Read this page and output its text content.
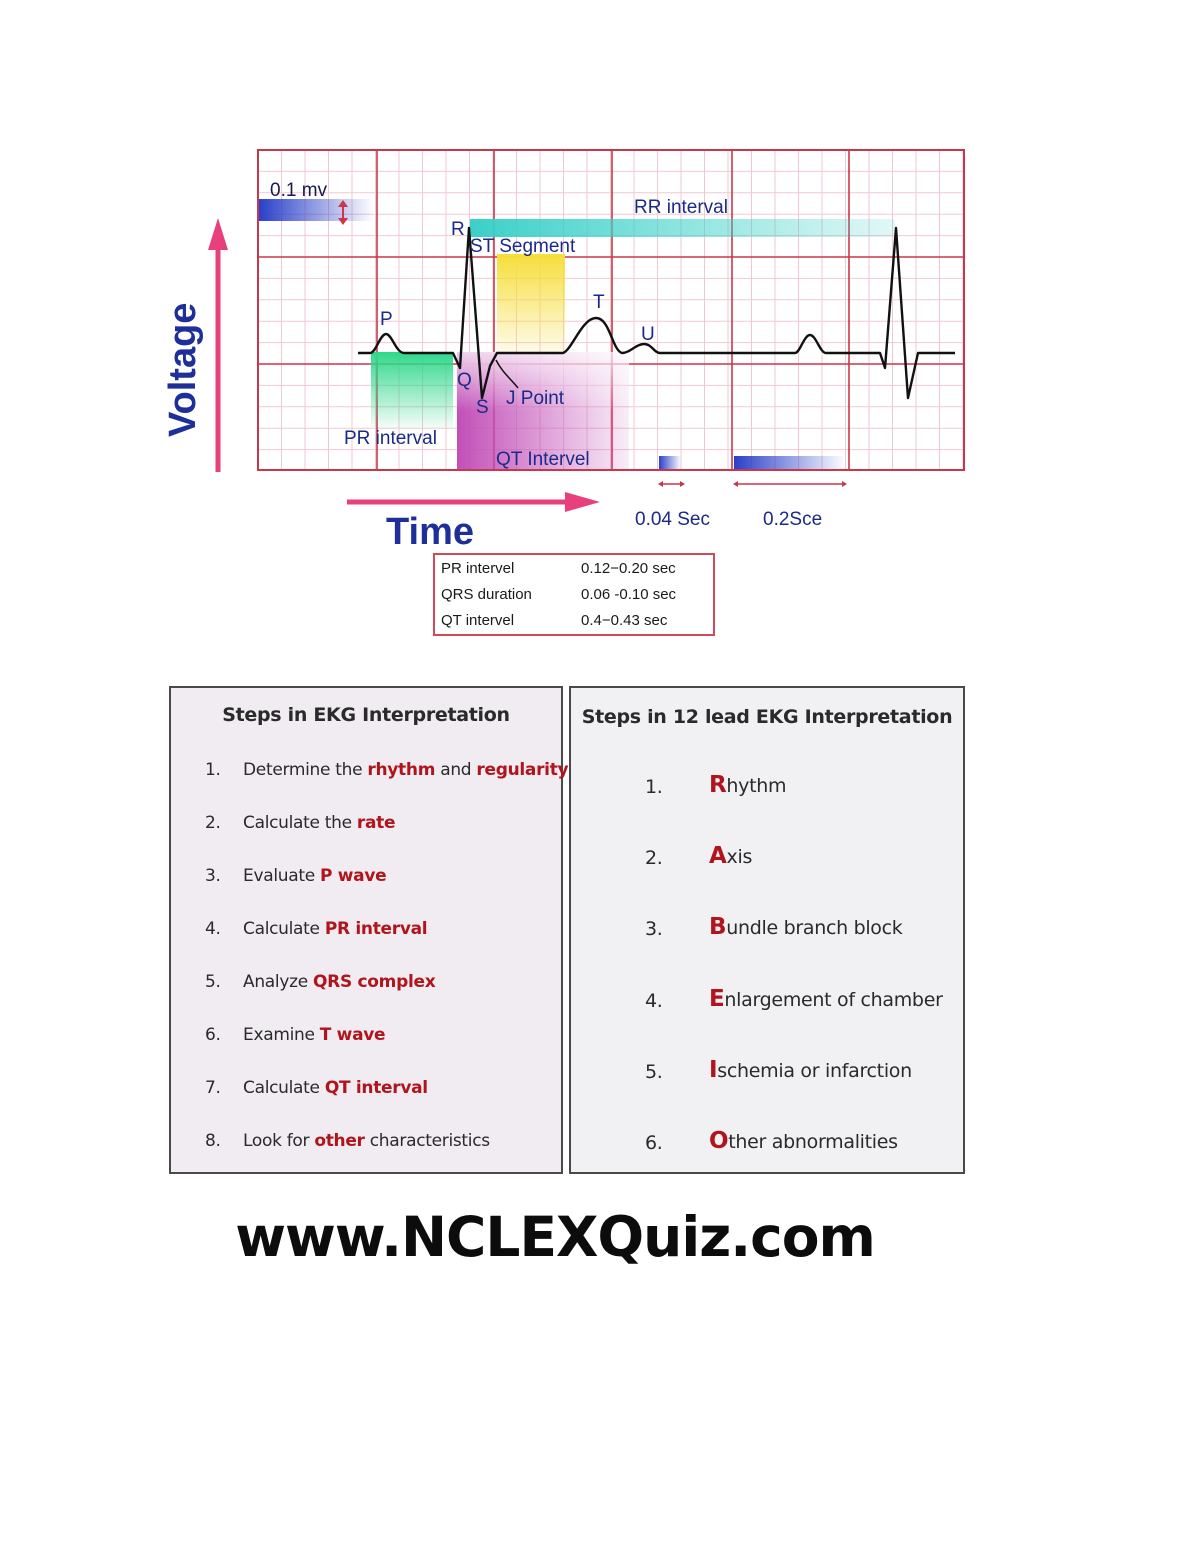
Voltage
Time
0.1 mv
RR interval
ST Segment
R
P
T
U
Q
S J Point
PR interval
QT Intervel
0.04 Sec	0.2Sce
PR intervel	0.12−0.20 sec
QRS duration	0.06 -0.10 sec
QT intervel	0.4−0.43 sec
Steps in EKG Interpretation
1. Determine the rhythm and regularity
2. Calculate the rate
3. Evaluate P wave
4. Calculate PR interval
5. Analyze QRS complex
6. Examine T wave
7. Calculate QT interval
8. Look for other characteristics
Steps in 12 lead EKG Interpretation
1. Rhythm
2. Axis
3. Bundle branch block
4. Enlargement of chamber
5. Ischemia or infarction
6. Other abnormalities
www.NCLEXQuiz.com
